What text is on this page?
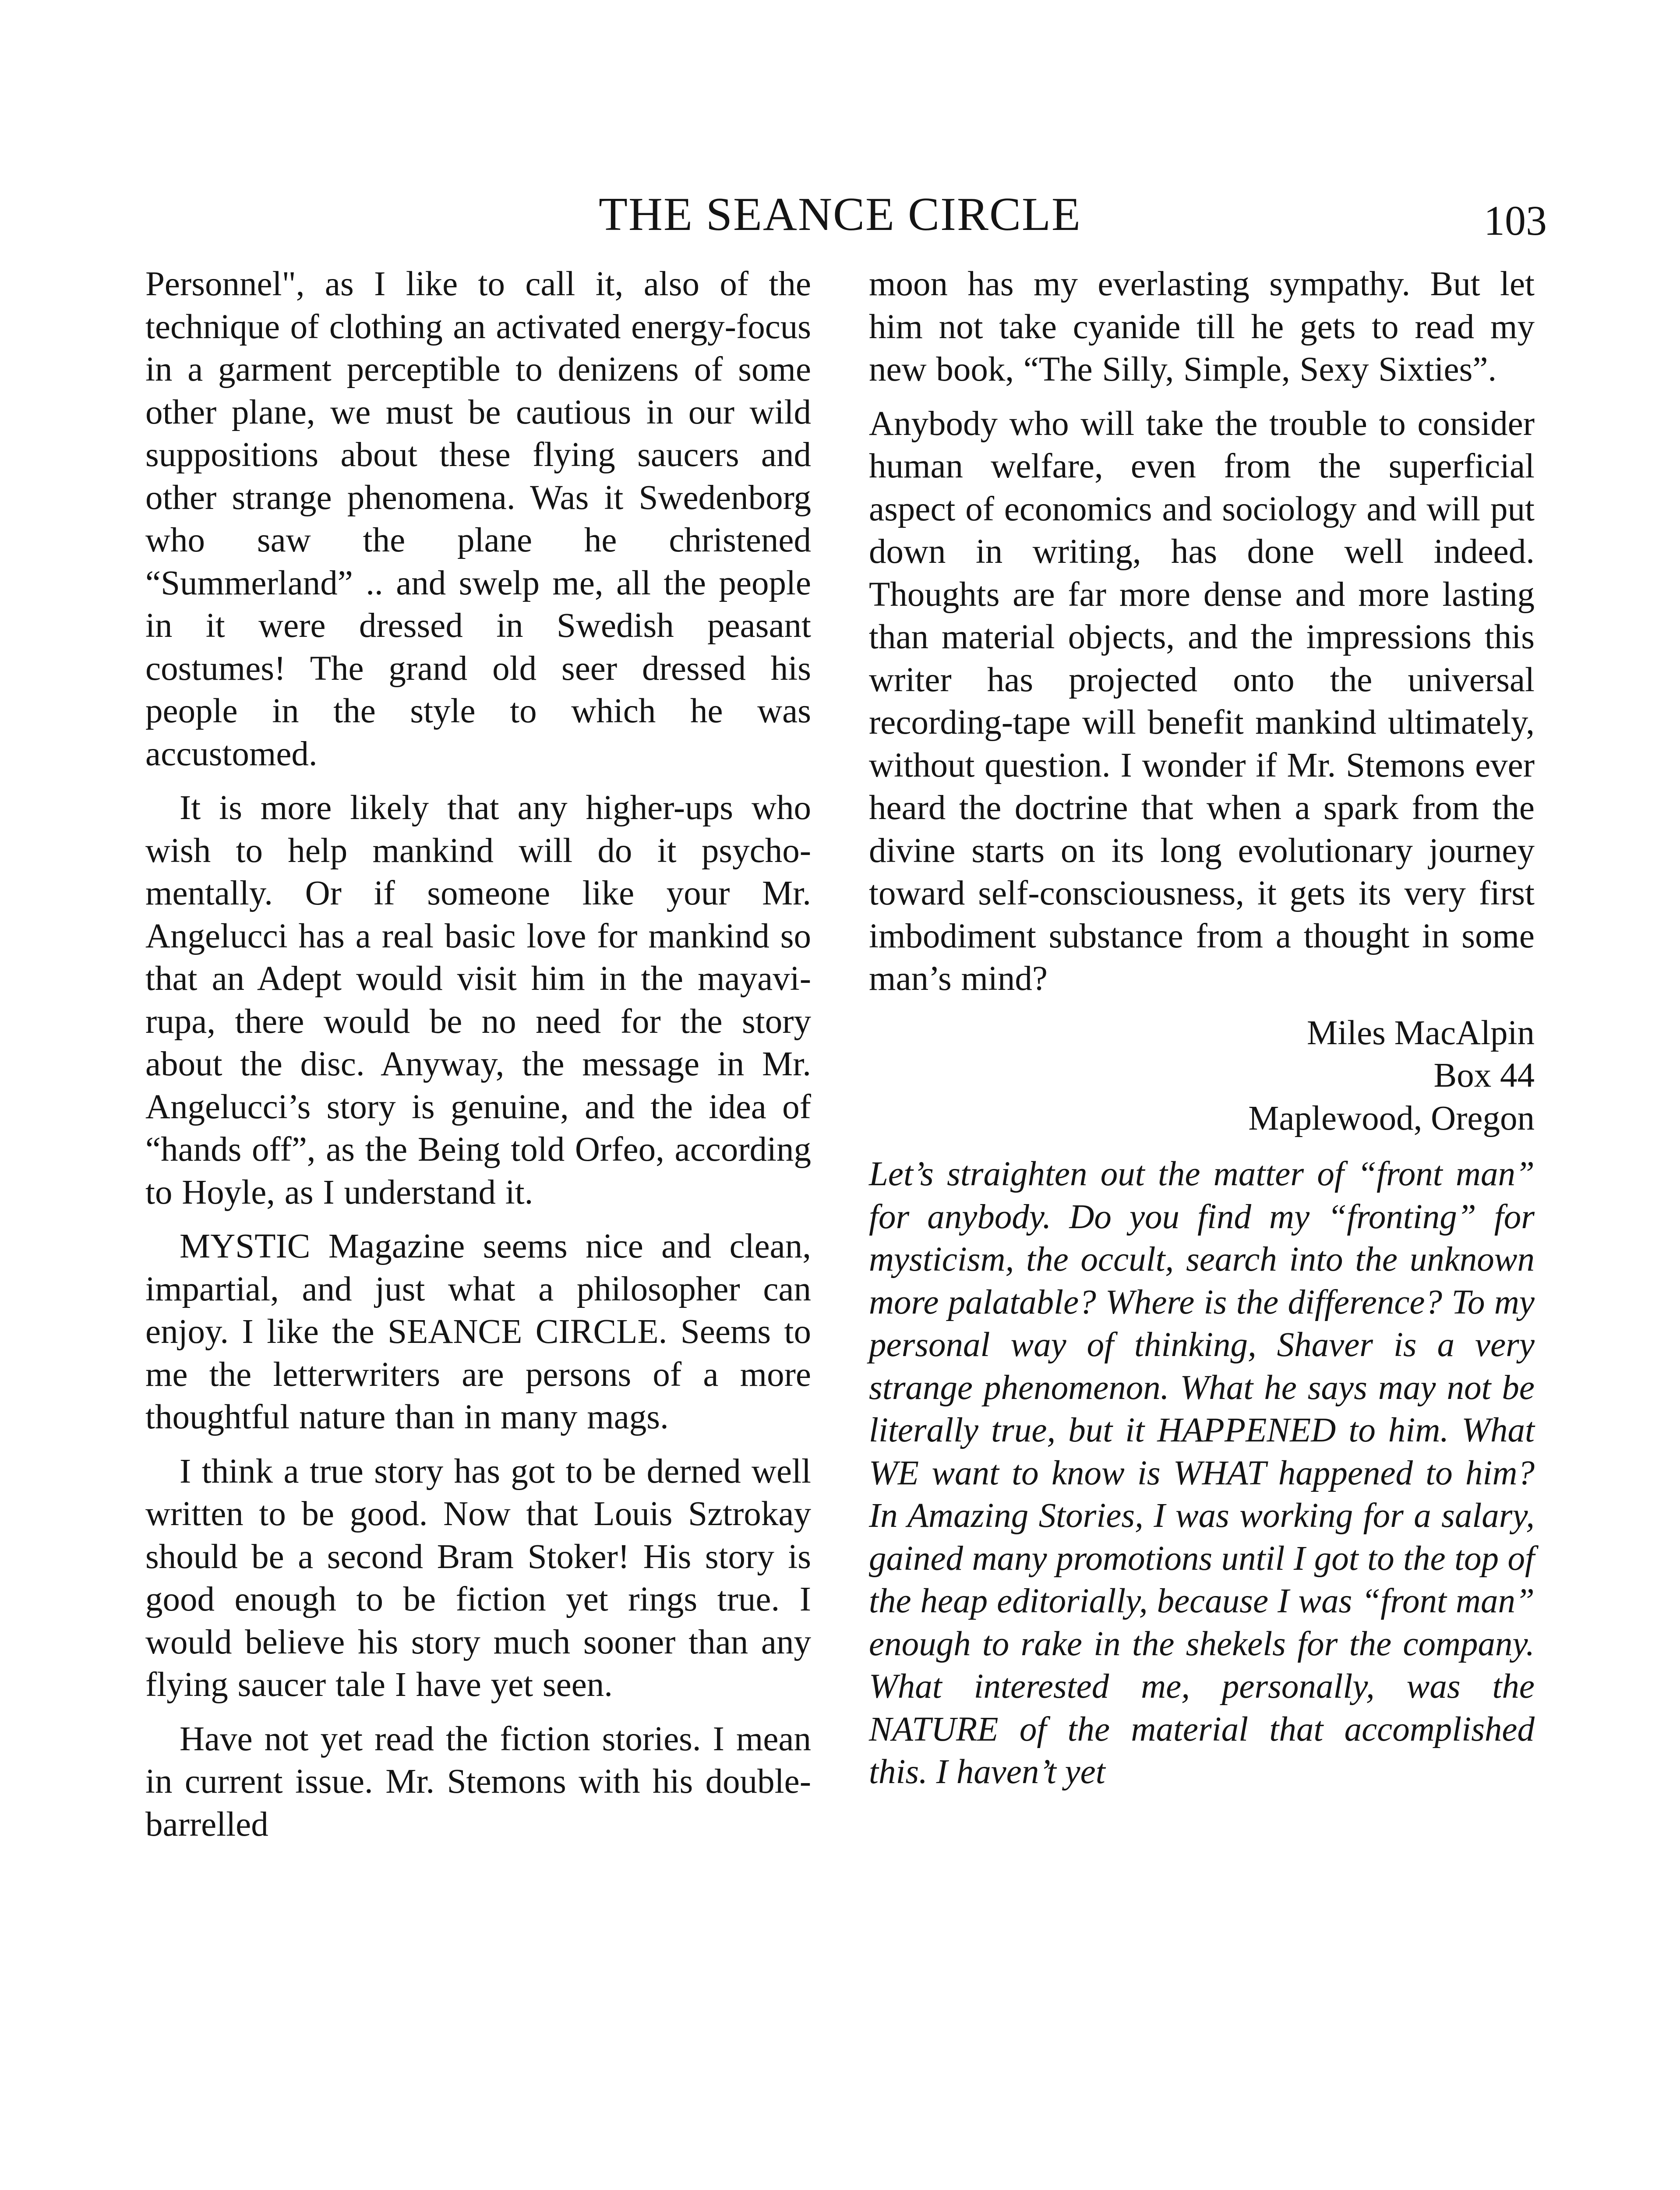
THE SEANCE CIRCLE	103

Personnel", as I like to call it, also of the technique of clothing an activated energy-focus in a garment perceptible to denizens of some other plane, we must be cautious in our wild suppositions about these flying saucers and other strange phenomena. Was it Swedenborg who saw the plane he christened “Summerland” .. and swelp me, all the people in it were dressed in Swedish peasant costumes! The grand old seer dressed his people in the style to which he was accustomed.

It is more likely that any higher-ups who wish to help mankind will do it psycho-mentally. Or if someone like your Mr. Angelucci has a real basic love for mankind so that an Adept would visit him in the mayavi-rupa, there would be no need for the story about the disc. Anyway, the message in Mr. Angelucci’s story is genuine, and the idea of “hands off”, as the Being told Orfeo, according to Hoyle, as I understand it.

MYSTIC Magazine seems nice and clean, impartial, and just what a philosopher can enjoy. I like the SEANCE CIRCLE. Seems to me the letterwriters are persons of a more thoughtful nature than in many mags.

I think a true story has got to be derned well written to be good. Now that Louis Sztrokay should be a second Bram Stoker! His story is good enough to be fiction yet rings true. I would believe his story much sooner than any flying saucer tale I have yet seen.

Have not yet read the fiction stories. I mean in current issue. Mr. Stemons with his double-barrelled

moon has my everlasting sympathy. But let him not take cyanide till he gets to read my new book, “The Silly, Simple, Sexy Sixties”.

Anybody who will take the trouble to consider human welfare, even from the superficial aspect of economics and sociology and will put down in writing, has done well indeed. Thoughts are far more dense and more lasting than material objects, and the impressions this writer has projected onto the universal recording-tape will benefit mankind ultimately, without question. I wonder if Mr. Stemons ever heard the doctrine that when a spark from the divine starts on its long evolutionary journey toward self-consciousness, it gets its very first imbodiment substance from a thought in some man’s mind?

Miles MacAlpin
Box 44
Maplewood, Oregon

Let’s straighten out the matter of “front man” for anybody. Do you find my “fronting” for mysticism, the occult, search into the unknown more palatable? Where is the difference? To my personal way of thinking, Shaver is a very strange phenomenon. What he says may not be literally true, but it HAPPENED to him. What WE want to know is WHAT happened to him? In Amazing Stories, I was working for a salary, gained many promotions until I got to the top of the heap editorially, because I was “front man” enough to rake in the shekels for the company. What interested me, personally, was the NATURE of the material that accomplished this. I haven’t yet
